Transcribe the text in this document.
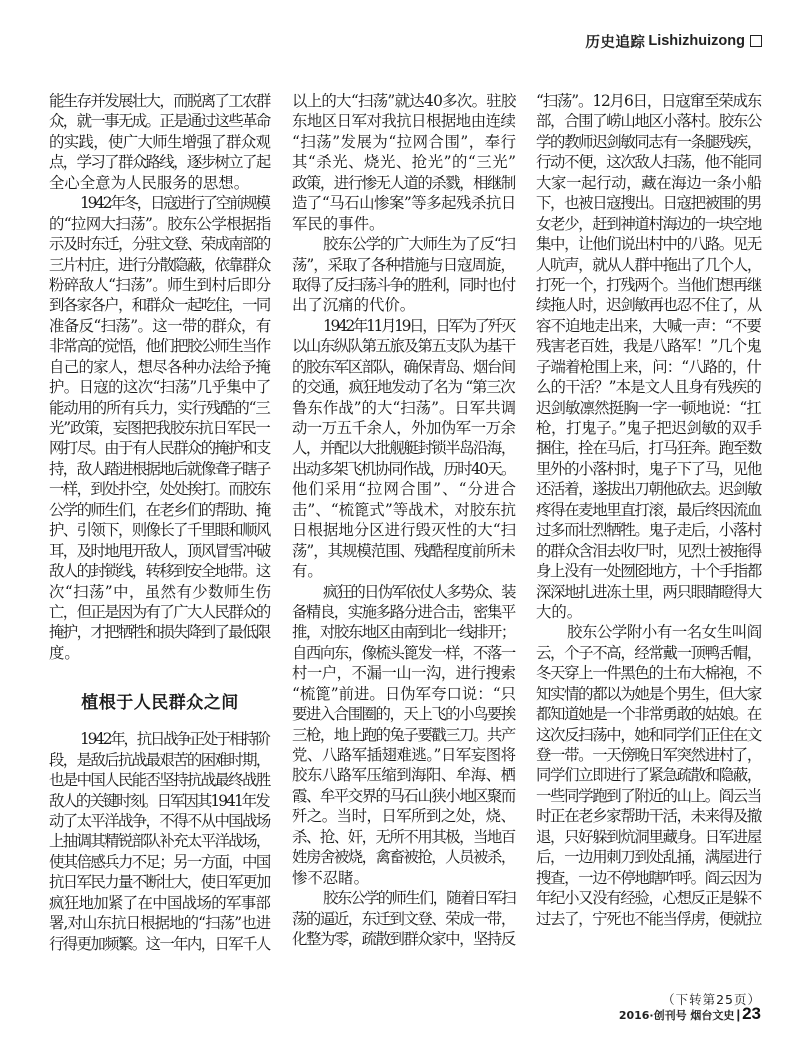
历史追踪 Lishizhuizong
能生存并发展壮大，而脱离了工农群
众，就一事无成。正是通过这些革命
的实践，使广大师生增强了群众观
点，学习了群众路线，逐步树立了起
全心全意为人民服务的思想。
1942年冬，日寇进行了空前规模
的“拉网大扫荡”。胶东公学根据指
示及时东迁，分驻文登、荣成南部的
三片村庄，进行分散隐蔽，依靠群众
粉碎敌人“扫荡”。师生到村后即分
到各家各户，和群众一起吃住，一同
准备反“扫荡”。这一带的群众，有
非常高的觉悟，他们把胶公师生当作
自己的家人，想尽各种办法给予掩
护。日寇的这次“扫荡”几乎集中了
能动用的所有兵力，实行残酷的“三
光”政策，妄图把我胶东抗日军民一
网打尽。由于有人民群众的掩护和支
持，敌人踏进根据地后就像聋子瞎子
一样，到处扑空，处处挨打。而胶东
公学的师生们，在老乡们的帮助、掩
护、引领下，则像长了千里眼和顺风
耳，及时地甩开敌人，顶风冒雪冲破
敌人的封锁线，转移到安全地带。这
次“扫荡”中，虽然有少数师生伤
亡，但正是因为有了广大人民群众的
掩护，才把牺牲和损失降到了最低限
度。
植根于人民群众之间
1942年，抗日战争正处于相持阶
段，是敌后抗战最艰苦的困难时期，
也是中国人民能否坚持抗战最终战胜
敌人的关键时刻。日军因其1941年发
动了太平洋战争，不得不从中国战场
上抽调其精锐部队补充太平洋战场，
使其倍感兵力不足；另一方面，中国
抗日军民力量不断壮大，使日军更加
疯狂地加紧了在中国战场的军事部
署,对山东抗日根据地的“扫荡”也进
行得更加频繁。这一年内，日军千人
以上的大“扫荡”就达40多次。驻胶
东地区日军对我抗日根据地由连续
“扫荡”发展为“拉网合围”，奉行
其“杀光、烧光、抢光”的“三光”
政策，进行惨无人道的杀戮，相继制
造了“马石山惨案”等多起残杀抗日
军民的事件。
胶东公学的广大师生为了反“扫
荡”，采取了各种措施与日寇周旋，
取得了反扫荡斗争的胜利，同时也付
出了沉痛的代价。
1942年11月19日，日军为了歼灭
以山东纵队第五旅及第五支队为基干
的胶东军区部队，确保青岛、烟台间
的交通，疯狂地发动了名为 “第三次
鲁东作战”的大“扫荡”。日军共调
动一万五千余人，外加伪军一万余
人，并配以大批舰艇封锁半岛沿海，
出动多架飞机协同作战，历时40天。
他们采用“拉网合围”、“分进合
击”、“梳篦式”等战术，对胶东抗
日根据地分区进行毁灭性的大“扫
荡”，其规模范围、残酷程度前所未
有。
疯狂的日伪军依仗人多势众、装
备精良，实施多路分进合击，密集平
推，对胶东地区由南到北一线排开；
自西向东，像梳头篦发一样，不落一
村一户，不漏一山一沟，进行搜索
“梳篦”前进。日伪军夸口说：“只
要进入合围圈的，天上飞的小鸟要挨
三枪，地上跑的兔子要戳三刀。共产
党、八路军插翅难逃。”日军妄图将
胶东八路军压缩到海阳、牟海、栖
霞、牟平交界的马石山狭小地区聚而
歼之。当时，日军所到之处，烧、
杀、抢、奸，无所不用其极，当地百
姓房舍被烧，禽畜被抢，人员被杀，
惨不忍睹。
胶东公学的师生们，随着日军扫
荡的逼近，东迁到文登、荣成一带，
化整为零，疏散到群众家中，坚持反
“扫荡”。12月6日，日寇窜至荣成东
部，合围了崂山地区小落村。胶东公
学的教师迟剑敏同志有一条腿残疾，
行动不便，这次敌人扫荡，他不能同
大家一起行动，藏在海边一条小船
下，也被日寇搜出。日寇把被围的男
女老少，赶到神道村海边的一块空地
集中，让他们说出村中的八路。见无
人吭声，就从人群中拖出了几个人，
打死一个，打残两个。当他们想再继
续拖人时，迟剑敏再也忍不住了，从
容不迫地走出来，大喊一声：“不要
残害老百姓，我是八路军！”几个鬼
子端着枪围上来，问：“八路的，什
么的干活？”本是文人且身有残疾的
迟剑敏凛然挺胸一字一顿地说：“扛
枪，打鬼子。”鬼子把迟剑敏的双手
捆住，拴在马后，打马狂奔。跑至数
里外的小落村时，鬼子下了马，见他
还活着，遂拔出刀朝他砍去。迟剑敏
疼得在麦地里直打滚，最后终因流血
过多而壮烈牺牲。鬼子走后，小落村
的群众含泪去收尸时，见烈士被拖得
身上没有一处囫囵地方，十个手指都
深深地扎进冻土里，两只眼睛瞪得大
大的。
胶东公学附小有一名女生叫阎
云，个子不高，经常戴一顶鸭舌帽，
冬天穿上一件黑色的土布大棉袍，不
知实情的都以为她是个男生，但大家
都知道她是一个非常勇敢的姑娘。在
这次反扫荡中，她和同学们正住在文
登一带。一天傍晚日军突然进村了，
同学们立即进行了紧急疏散和隐蔽，
一些同学跑到了附近的山上。阎云当
时正在老乡家帮助干活，未来得及撤
退，只好躲到炕洞里藏身。日军进屋
后，一边用刺刀到处乱捅，满屋进行
搜查，一边不停地瞎咋呼。阎云因为
年纪小又没有经验，心想反正是躲不
过去了，宁死也不能当俘虏，便就拉
（下转第25页）
2016·创刊号 烟台文史 | 23
